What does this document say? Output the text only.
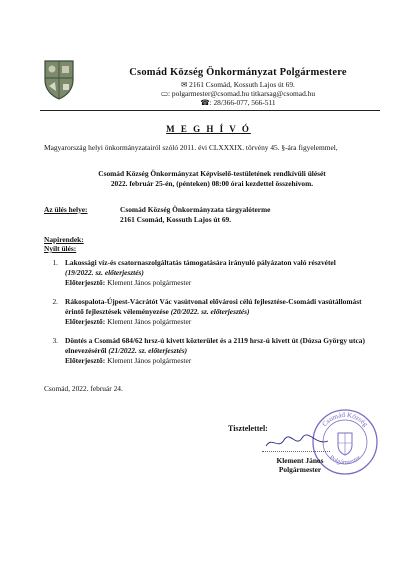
Csomád Község Önkormányzat Polgármestere
✉ 2161 Csomád, Kossuth Lajos út 69.
▭: polgarmester@csomad.hu titkarsag@csomad.hu
☎: 28/366-077, 566-511
M E G H Í V Ó
Magyarország helyi önkormányzatairól szóló 2011. évi CLXXXIX. törvény 45. §-ára figyelemmel,
Csomád Község Önkormányzat Képviselő-testületének rendkívüli ülését
2022. február 25-én, (pénteken) 08:00 órai kezdettel összehívom.
Az ülés helye:	Csomád Község Önkormányzata tárgyalóterme
2161 Csomád, Kossuth Lajos út 69.
Napirendek:
Nyílt ülés:
1. Lakossági víz-és csatornaszolgáltatás támogatására irányuló pályázaton való részvétel (19/2022. sz. előterjesztés)
Előterjesztő: Klement János polgármester
2. Rákospalota-Újpest-Vácrátót Vác vasútvonal elővárosi célú fejlesztése-Csomádi vasútállomást érintő fejlesztések véleményezése (20/2022. sz. előterjesztés)
Előterjesztő: Klement János polgármester
3. Döntés a Csomád 684/62 hrsz-ú kivett közterület és a 2119 hrsz-ú kivett út (Dózsa György utca) elnevezéséről (21/2022. sz. előterjesztés)
Előterjesztő: Klement János polgármester
Csomád, 2022. február 24.
Tisztelettel:
Csomád Község
Polgármester
Klement János
Polgármester
